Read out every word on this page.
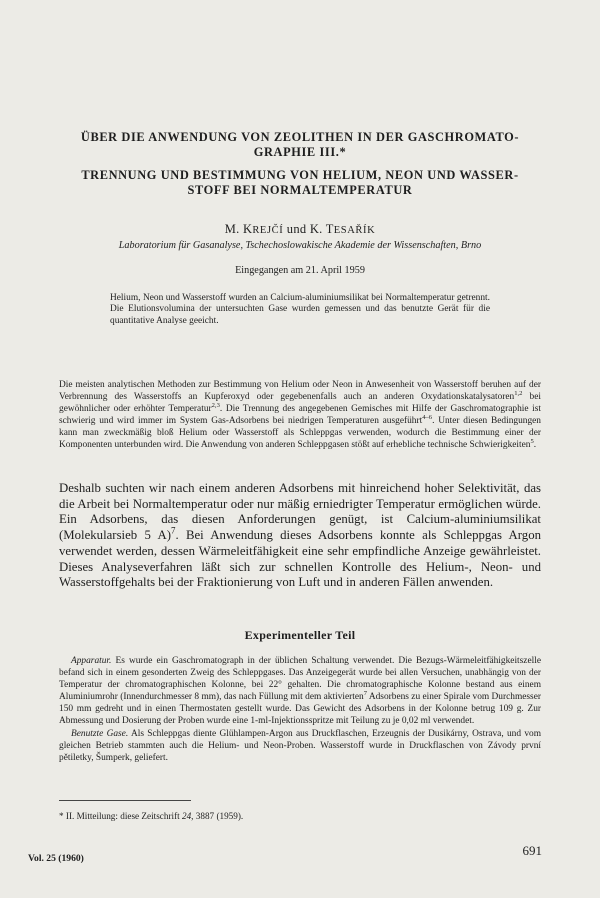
ÜBER DIE ANWENDUNG VON ZEOLITHEN IN DER GASCHROMATO-
GRAPHIE III.*
TRENNUNG UND BESTIMMUNG VON HELIUM, NEON UND WASSER-
STOFF BEI NORMALTEMPERATUR
M. KREJČÍ und K. TESAŘÍK
Laboratorium für Gasanalyse, Tschechoslowakische Akademie der Wissenschaften, Brno
Eingegangen am 21. April 1959
Helium, Neon und Wasserstoff wurden an Calcium-aluminiumsilikat bei Normaltemperatur getrennt. Die Elutionsvolumina der untersuchten Gase wurden gemessen und das benutzte Gerät für die quantitative Analyse geeicht.
Die meisten analytischen Methoden zur Bestimmung von Helium oder Neon in Anwesenheit von Wasserstoff beruhen auf der Verbrennung des Wasserstoffs an Kupferoxyd oder gegebenenfalls auch an anderen Oxydationskatalysatoren$^{1,2}$ bei gewöhnlicher oder erhöhter Temperatur$^{2,3}$. Die Trennung des angegebenen Gemisches mit Hilfe der Gaschromatographie ist schwierig und wird immer im System Gas-Adsorbens bei niedrigen Temperaturen ausgeführt$^{4-6}$. Unter diesen Bedingungen kann man zweckmäßig bloß Helium oder Wasserstoff als Schleppgas verwenden, wodurch die Bestimmung einer der Komponenten unterbunden wird. Die Anwendung von anderen Schleppgasen stößt auf erhebliche technische Schwierigkeiten$^5$.
Deshalb suchten wir nach einem anderen Adsorbens mit hinreichend hoher Selektivität, das die Arbeit bei Normaltemperatur oder nur mäßig erniedrigter Temperatur ermöglichen würde. Ein Adsorbens, das diesen Anforderungen genügt, ist Calcium-aluminiumsilikat (Molekularsieb 5 A)$^7$. Bei Anwendung dieses Adsorbens konnte als Schleppgas Argon verwendet werden, dessen Wärmeleitfähigkeit eine sehr empfindliche Anzeige gewährleistet. Dieses Analyseverfahren läßt sich zur schnellen Kontrolle des Helium-, Neon- und Wasserstoffgehalts bei der Fraktionierung von Luft und in anderen Fällen anwenden.
Experimenteller Teil

Apparatur. Es wurde ein Gaschromatograph in der üblichen Schaltung verwendet. Die Bezugs-Wärmeleitfähigkeitszelle befand sich in einem gesonderten Zweig des Schleppgases. Das Anzeigegerät wurde bei allen Versuchen, unabhängig von der Temperatur der chromatographischen Kolonne, bei 22° gehalten. Die chromatographische Kolonne bestand aus einem Aluminiumrohr (Innendurchmesser 8 mm), das nach Füllung mit dem aktivierten$^7$ Adsorbens zu einer Spirale vom Durchmesser 150 mm gedreht und in einen Thermostaten gestellt wurde. Das Gewicht des Adsorbens in der Kolonne betrug 109 g. Zur Abmessung und Dosierung der Proben wurde eine 1-ml-Injektionsspritze mit Teilung zu je 0,02 ml verwendet.

Benutzte Gase. Als Schleppgas diente Glühlampen-Argon aus Druckflaschen, Erzeugnis der Dusikárny, Ostrava, und vom gleichen Betrieb stammten auch die Helium- und Neon-Proben. Wasserstoff wurde in Druckflaschen von Závody první pětiletky, Šumperk, geliefert.

* II. Mitteilung: diese Zeitschrift 24, 3887 (1959).
Vol. 25 (1960)
691
